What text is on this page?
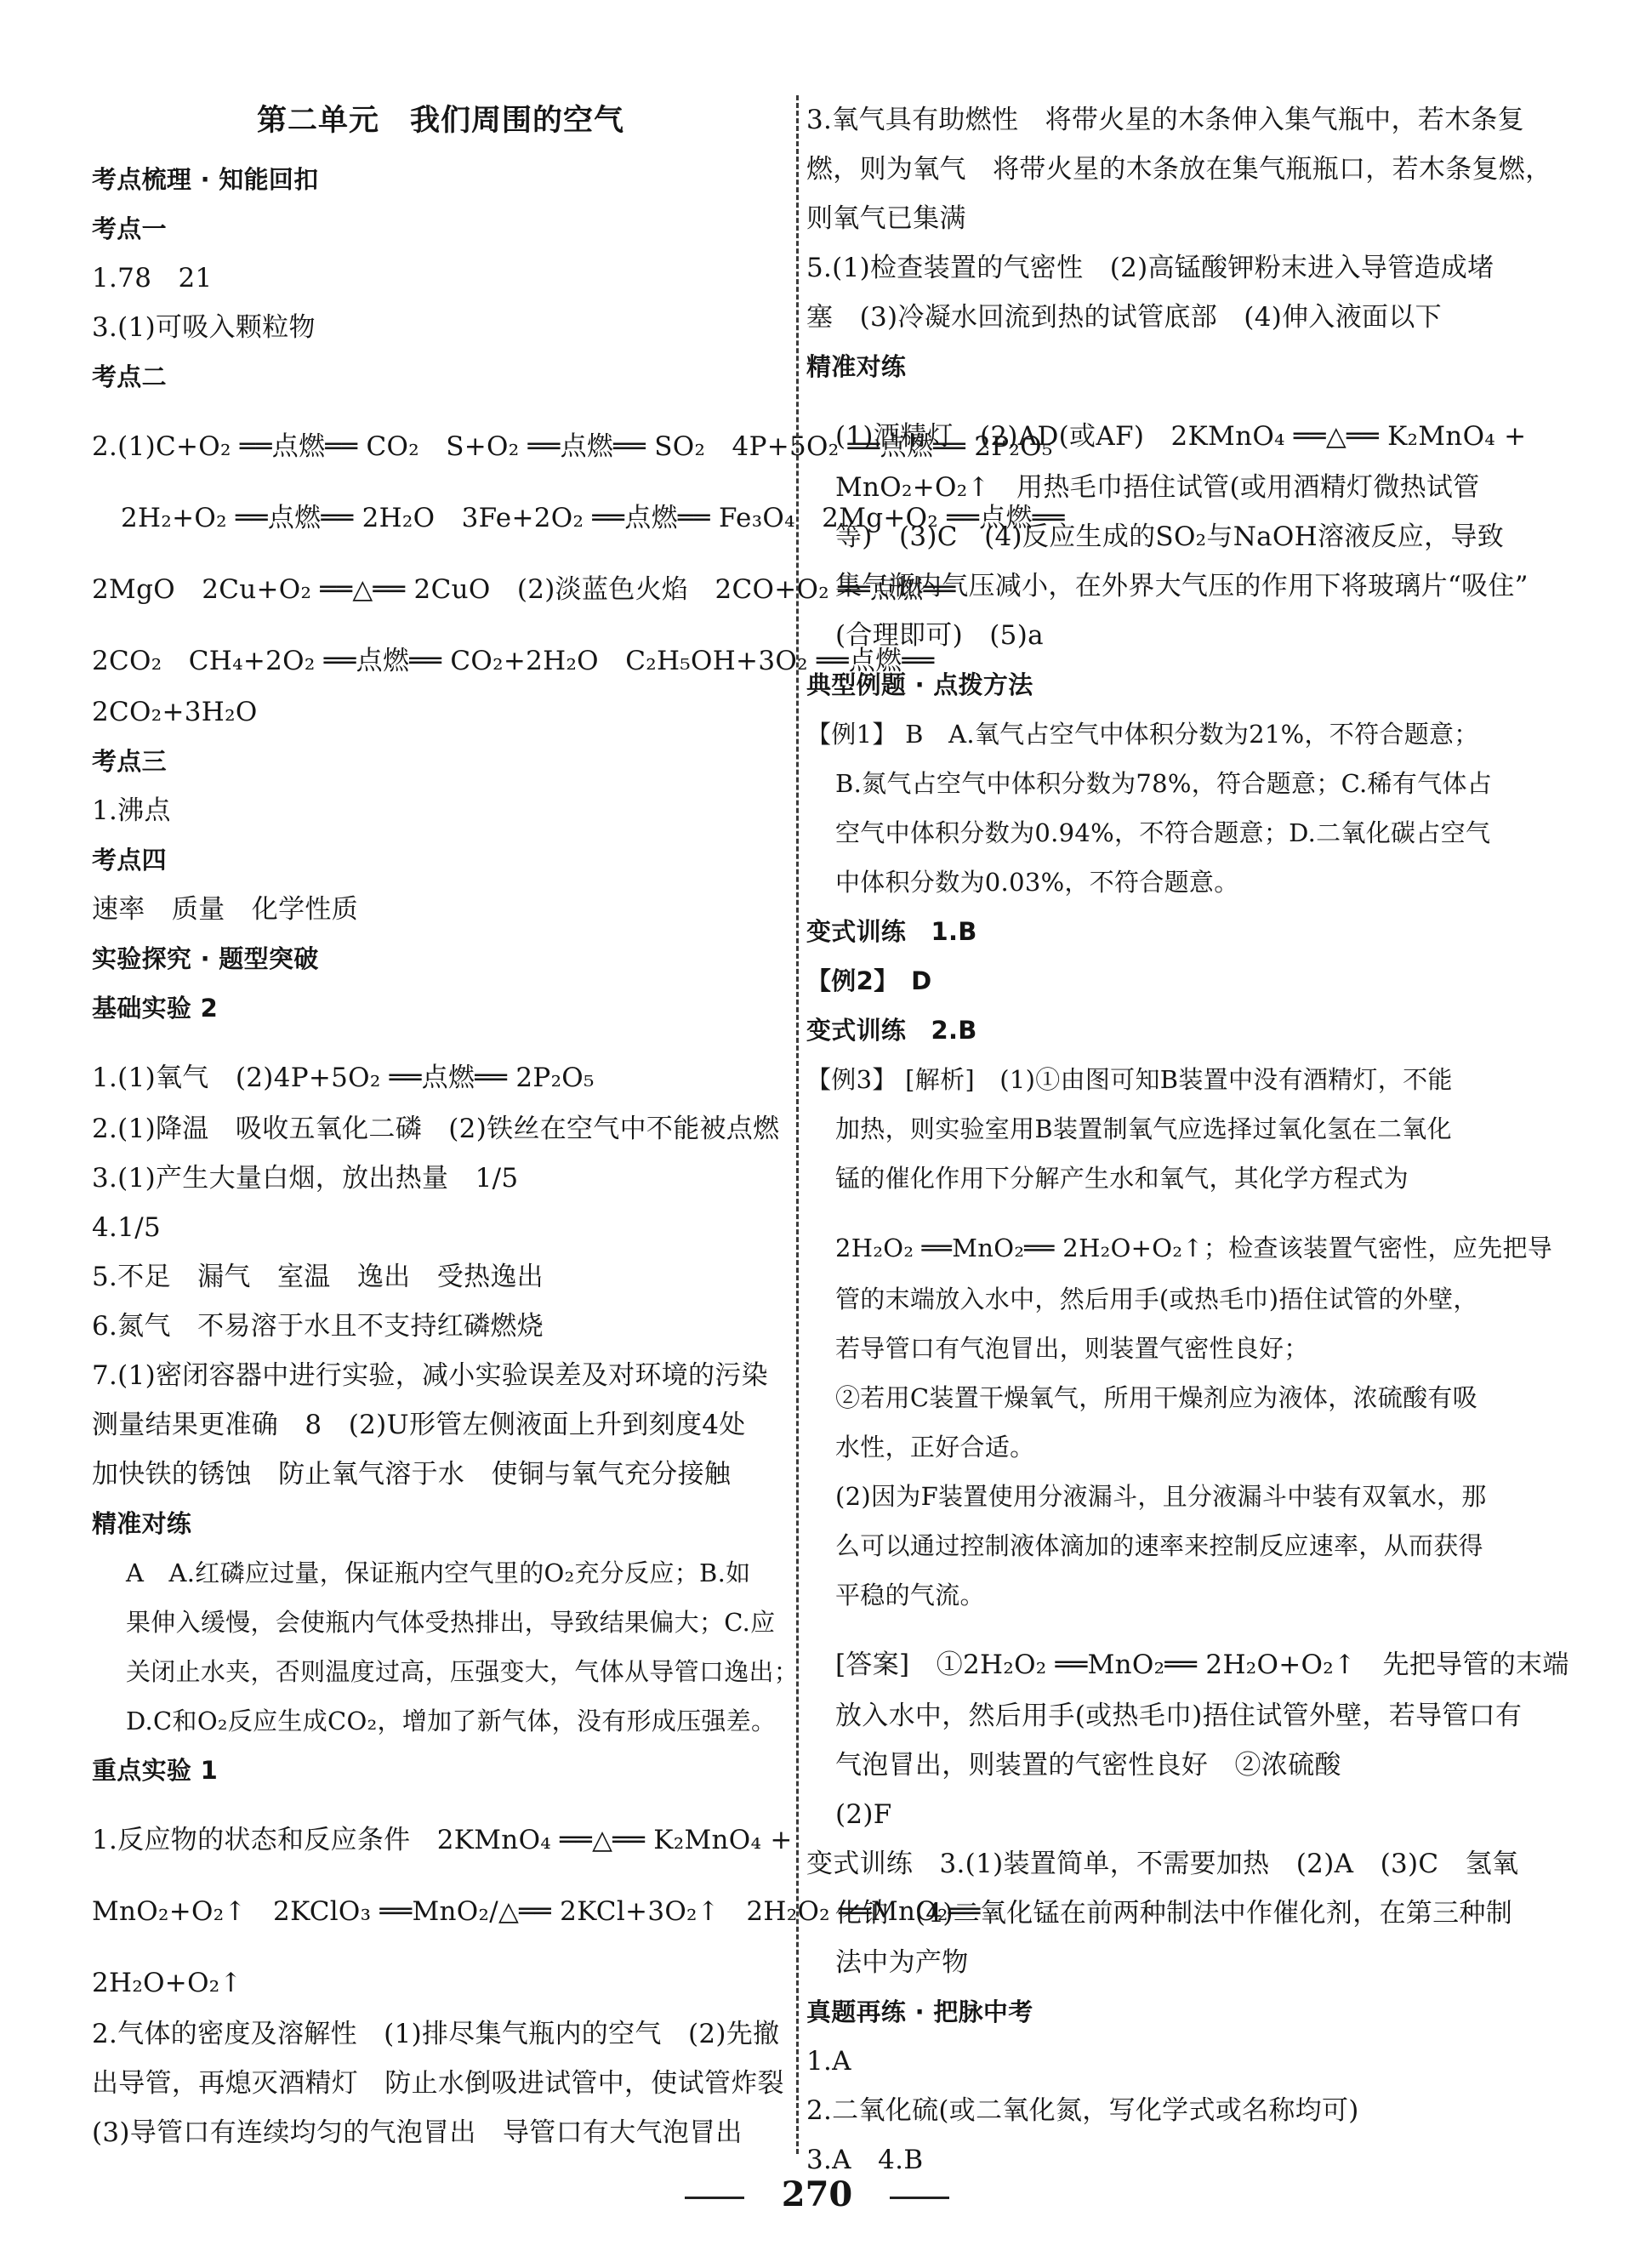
第二单元　我们周围的空气
考点梳理 · 知能回扣
考点一
1.78　21
3.(1)可吸入颗粒物
考点二
2.(1)C+O₂ ══点燃══ CO₂　S+O₂ ══点燃══ SO₂　4P+5O₂ ══点燃══ 2P₂O₅
2H₂+O₂ ══点燃══ 2H₂O　3Fe+2O₂ ══点燃══ Fe₃O₄　2Mg+O₂ ══点燃══
2MgO　2Cu+O₂ ══△══ 2CuO　(2)淡蓝色火焰　2CO+O₂ ══点燃══
2CO₂　CH₄+2O₂ ══点燃══ CO₂+2H₂O　C₂H₅OH+3O₂ ══点燃══
2CO₂+3H₂O
考点三
1.沸点
考点四
速率　质量　化学性质
实验探究 · 题型突破
基础实验 2
1.(1)氧气　(2)4P+5O₂ ══点燃══ 2P₂O₅
2.(1)降温　吸收五氧化二磷　(2)铁丝在空气中不能被点燃
3.(1)产生大量白烟，放出热量　1/5
4.1/5
5.不足　漏气　室温　逸出　受热逸出
6.氮气　不易溶于水且不支持红磷燃烧
7.(1)密闭容器中进行实验，减小实验误差及对环境的污染
测量结果更准确　8　(2)U形管左侧液面上升到刻度4处
加快铁的锈蚀　防止氧气溶于水　使铜与氧气充分接触
精准对练
A　A.红磷应过量，保证瓶内空气里的O₂充分反应；B.如
果伸入缓慢，会使瓶内气体受热排出，导致结果偏大；C.应
关闭止水夹，否则温度过高，压强变大，气体从导管口逸出；
D.C和O₂反应生成CO₂，增加了新气体，没有形成压强差。
重点实验 1
1.反应物的状态和反应条件　2KMnO₄ ══△══ K₂MnO₄ +
MnO₂+O₂↑　2KClO₃ ══MnO₂/△══ 2KCl+3O₂↑　2H₂O₂ ══MnO₂══
2H₂O+O₂↑
2.气体的密度及溶解性　(1)排尽集气瓶内的空气　(2)先撤
出导管，再熄灭酒精灯　防止水倒吸进试管中，使试管炸裂
(3)导管口有连续均匀的气泡冒出　导管口有大气泡冒出
3.氧气具有助燃性　将带火星的木条伸入集气瓶中，若木条复
燃，则为氧气　将带火星的木条放在集气瓶瓶口，若木条复燃，
则氧气已集满
5.(1)检查装置的气密性　(2)高锰酸钾粉末进入导管造成堵
塞　(3)冷凝水回流到热的试管底部　(4)伸入液面以下
精准对练
(1)酒精灯　(2)AD(或AF)　2KMnO₄ ══△══ K₂MnO₄ +
MnO₂+O₂↑　用热毛巾捂住试管(或用酒精灯微热试管
等)　(3)C　(4)反应生成的SO₂与NaOH溶液反应，导致
集气瓶内气压减小，在外界大气压的作用下将玻璃片“吸住”
(合理即可)　(5)a
典型例题 · 点拨方法
【例1】 B　A.氧气占空气中体积分数为21%，不符合题意；
B.氮气占空气中体积分数为78%，符合题意；C.稀有气体占
空气中体积分数为0.94%，不符合题意；D.二氧化碳占空气
中体积分数为0.03%，不符合题意。
变式训练　1.B
【例2】　D
变式训练　2.B
【例3】 [解析]　(1)①由图可知B装置中没有酒精灯，不能
加热，则实验室用B装置制氧气应选择过氧化氢在二氧化
锰的催化作用下分解产生水和氧气，其化学方程式为
2H₂O₂ ══MnO₂══ 2H₂O+O₂↑；检查该装置气密性，应先把导
管的末端放入水中，然后用手(或热毛巾)捂住试管的外壁，
若导管口有气泡冒出，则装置气密性良好；
②若用C装置干燥氧气，所用干燥剂应为液体，浓硫酸有吸
水性，正好合适。
(2)因为F装置使用分液漏斗，且分液漏斗中装有双氧水，那
么可以通过控制液体滴加的速率来控制反应速率，从而获得
平稳的气流。
[答案]　①2H₂O₂ ══MnO₂══ 2H₂O+O₂↑　先把导管的末端
放入水中，然后用手(或热毛巾)捂住试管外壁，若导管口有
气泡冒出，则装置的气密性良好　②浓硫酸
(2)F
变式训练　3.(1)装置简单，不需要加热　(2)A　(3)C　氢氧
化钠　(4)二氧化锰在前两种制法中作催化剂，在第三种制
法中为产物
真题再练 · 把脉中考
1.A
2.二氧化硫(或二氧化氮，写化学式或名称均可)
3.A　4.B
270
